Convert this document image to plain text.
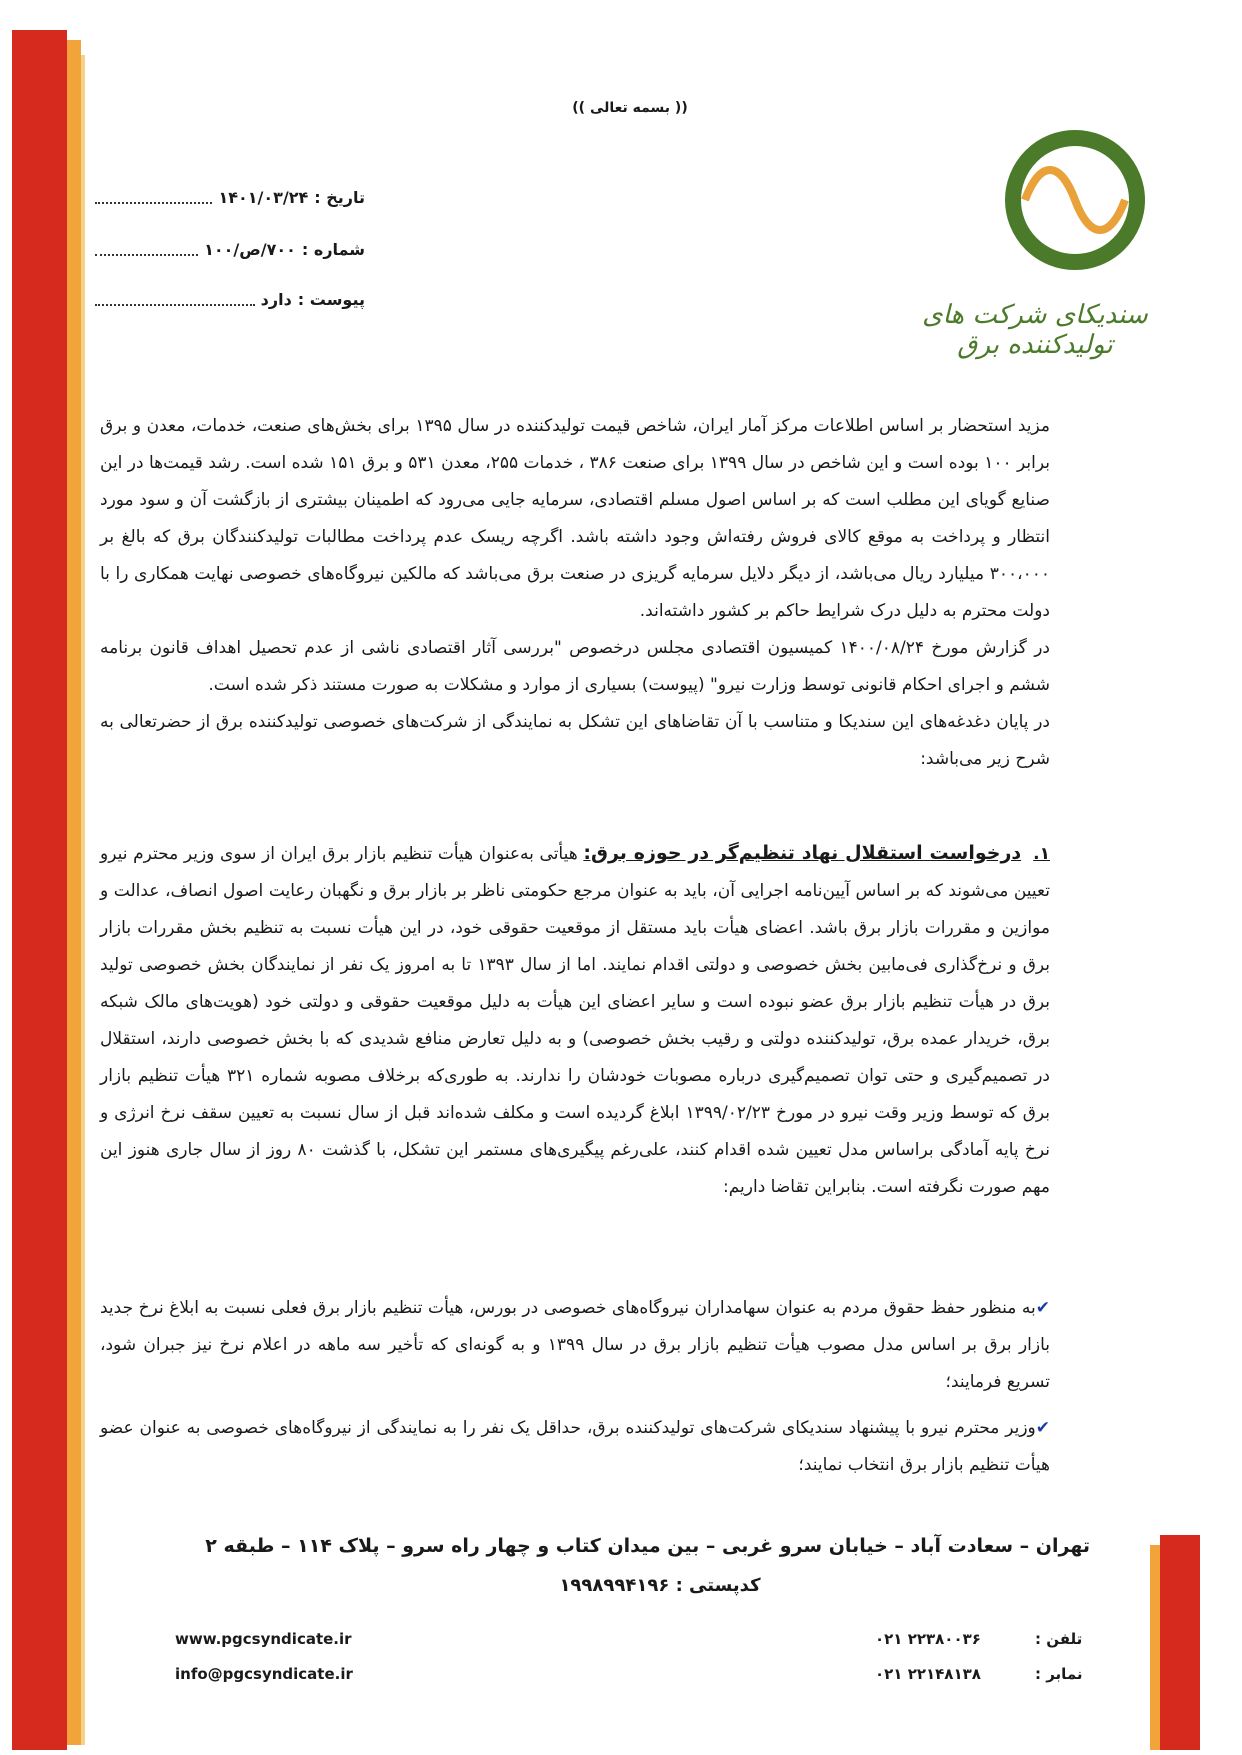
(( بسمه تعالی ))
سندیکای شرکت های تولیدکننده برق
تاریخ :
۱۴۰۱/۰۳/۲۴
شماره :
۷۰۰/ص/۱۰۰
پیوست :
دارد

مزید استحضار بر اساس اطلاعات مرکز آمار ایران، شاخص قیمت تولیدکننده در سال ۱۳۹۵ برای بخش‌های صنعت، خدمات، معدن و برق برابر ۱۰۰ بوده است و این شاخص در سال ۱۳۹۹ برای صنعت ۳۸۶ ، خدمات ۲۵۵، معدن ۵۳۱ و برق ۱۵۱ شده است. رشد قیمت‌ها در این صنایع گویای این مطلب است که بر اساس اصول مسلم اقتصادی، سرمایه جایی می‌رود که اطمینان بیشتری از بازگشت آن و سود مورد انتظار و پرداخت به موقع کالای فروش رفته‌اش وجود داشته باشد. اگرچه ریسک عدم پرداخت مطالبات تولیدکنندگان برق که بالغ بر ۳۰۰،۰۰۰ میلیارد ریال می‌باشد، از دیگر دلایل سرمایه گریزی در صنعت برق می‌باشد که مالکین نیروگاه‌های خصوصی نهایت همکاری را با دولت محترم به دلیل درک شرایط حاکم بر کشور داشته‌اند.

در گزارش مورخ ۱۴۰۰/۰۸/۲۴ کمیسیون اقتصادی مجلس درخصوص "بررسی آثار اقتصادی ناشی از عدم تحصیل اهداف قانون برنامه ششم و اجرای احکام قانونی توسط وزارت نیرو" (پیوست) بسیاری از موارد و مشکلات به صورت مستند ذکر شده است.

در پایان دغدغه‌های این سندیکا و متناسب با آن تقاضاهای این تشکل به نمایندگی از شرکت‌های خصوصی تولیدکننده برق از حضرتعالی به شرح زیر می‌باشد:

۱.درخواست استقلال نهاد تنظیم‌گر در حوزه برق: هیأتی به‌عنوان هیأت تنظیم بازار برق ایران از سوی وزیر محترم نیرو تعیین می‌شوند که بر اساس آیین‌نامه اجرایی آن، باید به عنوان مرجع حکومتی ناظر بر بازار برق و نگهبان رعایت اصول انصاف، عدالت و موازین و مقررات بازار برق باشد. اعضای هیأت باید مستقل از موقعیت حقوقی خود، در این هیأت نسبت به تنظیم بخش مقررات بازار برق و نرخ‌گذاری فی‌مابین بخش خصوصی و دولتی اقدام نمایند. اما از سال ۱۳۹۳ تا به امروز یک نفر از نمایندگان بخش خصوصی تولید برق در هیأت تنظیم بازار برق عضو نبوده است و سایر اعضای این هیأت به دلیل موقعیت حقوقی و دولتی خود (هویت‌های مالک شبکه برق، خریدار عمده برق، تولیدکننده دولتی و رقیب بخش خصوصی) و به دلیل تعارض منافع شدیدی که با بخش خصوصی دارند، استقلال در تصمیم‌گیری و حتی توان تصمیم‌گیری درباره مصوبات خودشان را ندارند. به طوری‌که برخلاف مصوبه شماره ۳۲۱ هیأت تنظیم بازار برق که توسط وزیر وقت نیرو در مورخ ۱۳۹۹/۰۲/۲۳ ابلاغ گردیده است و مکلف شده‌اند قبل از سال نسبت به تعیین سقف نرخ انرژی و نرخ پایه آمادگی براساس مدل تعیین شده اقدام کنند، علی‌رغم پیگیری‌های مستمر این تشکل، با گذشت ۸۰ روز از سال جاری هنوز این مهم صورت نگرفته است. بنابراین تقاضا داریم:
✔به منظور حفظ حقوق مردم به عنوان سهامداران نیروگاه‌های خصوصی در بورس، هیأت تنظیم بازار برق فعلی نسبت به ابلاغ نرخ جدید بازار برق بر اساس مدل مصوب هیأت تنظیم بازار برق در سال ۱۳۹۹ و به گونه‌ای که تأخیر سه ماهه در اعلام نرخ نیز جبران شود، تسریع فرمایند؛
✔وزیر محترم نیرو با پیشنهاد سندیکای شرکت‌های تولیدکننده برق، حداقل یک نفر را به نمایندگی از نیروگاه‌های خصوصی به عنوان عضو هیأت تنظیم بازار برق انتخاب نمایند؛
تهران – سعادت آباد – خیابان سرو غربی – بین میدان کتاب و چهار راه سرو – پلاک ۱۱۴ – طبقه ۲
کدپستی : ۱۹۹۸۹۹۴۱۹۶
www.pgcsyndicate.ir
info@pgcsyndicate.ir
تلفن :
۰۲۱ ۲۲۳۸۰۰۳۶
نمابر :
۰۲۱ ۲۲۱۴۸۱۳۸
